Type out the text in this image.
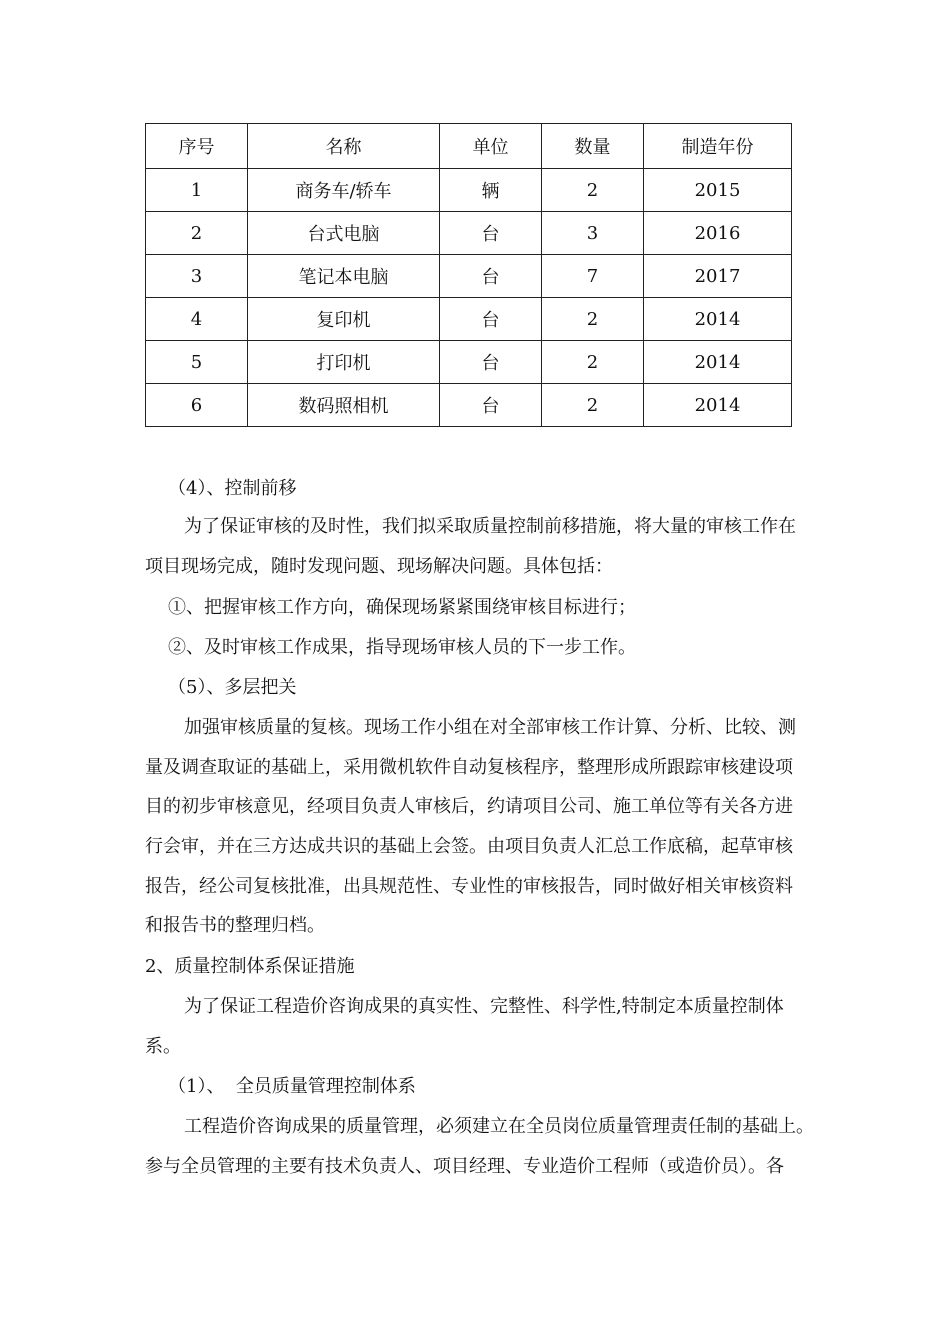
序号	名称	单位	数量	制造年份
1	商务车/轿车	辆	2	2015
2	台式电脑	台	3	2016
3	笔记本电脑	台	7	2017
4	复印机	台	2	2014
5	打印机	台	2	2014
6	数码照相机	台	2	2014
（4）、控制前移
为了保证审核的及时性，我们拟采取质量控制前移措施，将大量的审核工作在
项目现场完成，随时发现问题、现场解决问题。具体包括：
①、把握审核工作方向，确保现场紧紧围绕审核目标进行；
②、及时审核工作成果，指导现场审核人员的下一步工作。
（5）、多层把关
加强审核质量的复核。现场工作小组在对全部审核工作计算、分析、比较、测
量及调查取证的基础上，采用微机软件自动复核程序，整理形成所跟踪审核建设项
目的初步审核意见，经项目负责人审核后，约请项目公司、施工单位等有关各方进
行会审，并在三方达成共识的基础上会签。由项目负责人汇总工作底稿，起草审核
报告，经公司复核批准，出具规范性、专业性的审核报告，同时做好相关审核资料
和报告书的整理归档。
2、质量控制体系保证措施
为了保证工程造价咨询成果的真实性、完整性、科学性,特制定本质量控制体
系。
（1）、  全员质量管理控制体系
工程造价咨询成果的质量管理，必须建立在全员岗位质量管理责任制的基础上。
参与全员管理的主要有技术负责人、项目经理、专业造价工程师（或造价员）。各
